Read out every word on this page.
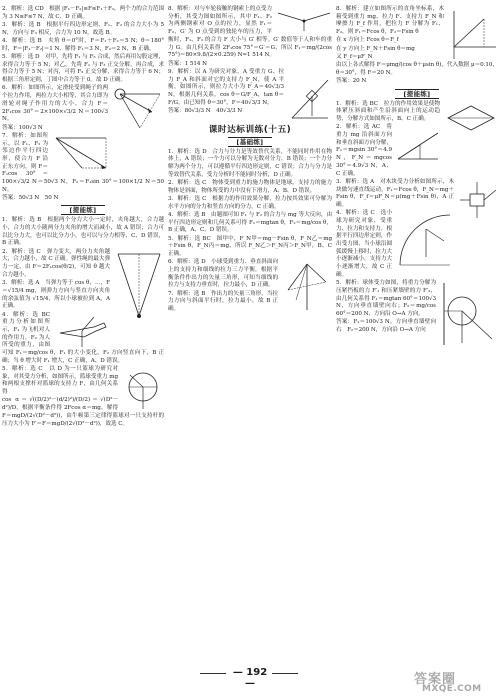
2．解析：选 CD　根据 |F₁－F₂|≤F≤F₁＋F₂，两个力的合力范围为 3 N≤F≤7 N，故 C、D 正确。

3．解析：选 B　根据平行四边形定则，F₁、F₂ 的合力大小为 5 N，方向与 F₃ 相反，合力为 10 N，故选 B。

4．解析：选 B　夹角 θ＝0°时，F＝F₁＋F₂＝5 N；θ＝180°时，F＝|F₁－F₂|＝1 N，解得 F₁＝3 N，F₂＝2 N，B 正确。

5．解析：选 D　对甲，先将 F₁ 与 F₃ 合成，然后再用勾股定理，求得合力等于 5 N；对乙，先将 F₁ 与 F₃ 正交分解，再合成，求得合力等于 5 N；对丙，可将 F₃ 正交分解，求得合力等于 6 N；根据三角形定则，丁图中合力等于 0。故 D 正确。

6．解析：如图所示，定滑轮受到绳子的两个拉力作用，两拉力大小相等，其合力即为滑轮对绳子作用力的大小。合力 F＝2F₁cos 30°＝2×100×√3/2 N＝100√3 N。

答案：100√3 N

7．解析：如图所示，以 F₁、F₂ 为邻边作平行四边形，使合力 F 沿正东方向，则 F＝F₁cos 30°＝100×√3/2 N＝50√3 N，F₂＝F₁sin 30°＝100×1/2 N＝50 N。

答案：50√3 N　50 N

[提能练]

1．解析：选 B　根据两个分力大小一定时，夹角越大，合力越小，合力的大小随两分力夹角的增大而减小，故 A 错误；合力可以比分力大，也可以比分力小，也可以与分力相等，C、D 错误，B 正确。

2．解析：选 C　弹力变大，两分力夹角越大，合力越小，故 C 正确。弹性绳的最大弹力一定，由 F＝2F₁cos(θ/2)，可知 θ 越大合力越小。

3．解析：选 A　当弹力等于 cos θ，…，F＝√15/4 mg，则弹力方向与竖直方向夹角的余弦值为 √15/4，所以小球被拉到 A，A 正确。

4．解析：选 BC　重力分析如图所示，F₁ 为飞机对人的作用力，F₂ 为人所受的重力，由图可知 F₁＝mg/cos θ，F₁ 的大小变化，F₂ 方向竖直向下，B 正确；当 θ 增大时 F₁ 增大，C 正确，A、D 错误。

5．解析：选 C　以 D 为一只篮球为研究对象，对其受力分析，如图所示，篮球受重力 mg 和两根支撑杆对篮球的支持力 F，由几何关系得

cos α＝√((D/2)²－(d/2)²)/(D/2)＝√(D²－d²)/D，根据平衡条件得 2Fcos α＝mg，解得 F＝mgD/(2√(D²－d²))，由牛顿第三定律得篮球对一只支持杆的压力大小为 F′＝F＝mgD/(2√(D²－d²))，故选 C。

8．解析：对与车轮接触的钢索上的点受力分析，其受力图如图所示，其中 F₁、F₂ 为两侧钢索对 O 点的拉力，显然 F₁＝F₂，G′ 为 O 点受到的独轮车的压力，平衡时，F₁、F₂ 的合力 F 大小与 G′ 相等。G′ 数值等于人和车的重力 G。由几何关系得 2F₁cos 75°＝G′＝G，所以 F₁＝mg/(2cos 75°)＝80×9.8/(2×0.259) N≈1 514 N。

答案：1 514 N

9．解析：以 A 为研究对象，A 受重力 G、拉力 F_A 和斜面对它的支持力 F_N，使 A 平衡，如图所示，则拉力大小为 F_A＝40√3/3 N，根据几何关系，cos θ＝G/F_A，tan θ＝F/G，由已知得 θ＝30°，F＝40√3/3 N。

答案：80√3/3 N　40√3/3 N

课时达标训练(十五)
[基础练]

1．解析：选 D　合力与分力是等效替代关系，不能同时作用在物体上，A 错误；一个力可以分解为无数对分力，B 错误；一个力分解为两个分力，可以遵循平行四边形定则，C 错误；合力与分力是等效替代关系，受力分析时不能同时分析，D 正确。

2．解析：选 C　物体受到重力的施力物体是地球，支持力的施力物体是斜面，物体所受的力中没有下滑力，A、B、D 错误。

3．解析：选 C　根据力的作用效果分解，拉力按其效果可分解为水平方向的分力和竖直方向的分力，C 正确。

4．解析：选 B　由题图可知 F₁ 与 F₂ 的合力与 mg 等大反向，由平行四边形定则和几何关系可得 F₁＝mgtan θ，F₂＝mg/cos θ，B 正确，A、C、D 错误。

5．解析：选 BC　图甲中，F_N甲＝mg－Fsin θ，F_N乙＝mg＋Fsin θ，F_N丙＝mg，所以 F_N乙＞F_N丙＞F_N甲，B、C 正确。

6．解析：选 D　小球受到重力、垂直斜面向上的支持力和细线的拉力三力平衡，根据平衡条件作出力的矢量三角形，可知当细线的拉力与支持力垂直时，拉力最小，D 正确。

7．解析：选 B　作出力的矢量三角形，当拉力方向与斜面平行时，拉力最小，故 B 正确。

8．解析：建立如图所示的直角坐标系，木箱受到重力 mg、拉力 F、支持力 F_N 和摩擦力 F_f 作用，把拉力 F 分解为 F₁、F₂，则 F₁＝Fcos θ，F₂＝Fsin θ

在 x 方向上 Fcos θ＝F_f

在 y 方向上 F_N＋Fsin θ＝mg

又 F_f＝μF_N

由以上各式解得 F＝μmg/(cos θ＋μsin θ)，代入数据 μ＝0.10，θ＝30°，得 F＝20 N。

答案：20 N

[提能练]

1．解析：选 BC　拉力的作用效果是使物体紧压斜面和产生沿斜面向上的运动趋势，分解方式如图所示，B、C 正确。

2．解析：选 AC　将重力 mg 沿斜面方向和垂直斜面方向分解，F₁＝mgsin 30°＝4.9 N，F_N＝mgcos 30°＝4.9√3 N，A、C 正确。

3．解析：选 A　对木块受力分析如图所示，木块做匀速直线运动，F₁＝Fcos θ，F_N＝mg＋Fsin θ，F_f＝μF_N＝μ(mg＋Fsin θ)，A 正确。

4．解析：选 C　选小球为研究对象，受重力、拉力和支持力，根据平行四边形定则，作出受力图，当小球沿圆弧缓慢上移时，拉力大小逐渐减小，支持力大小逐渐增大，故 C 正确。

5．解析：球体受力如图，将重力分解为压紧挡板的力 F′₁ 和压紧墙壁的力 F′₂，由几何关系得 F₁＝mgtan 60°＝100√3 N，方向垂直墙壁向右；F₂＝mg/cos 60°＝200 N，方向沿 O→A 方向。

答案：F₁＝100√3 N，方向垂直墙壁向右　F₂＝200 N，方向沿 O→A 方向

— 192 —	答案圈
MXQE.COM
